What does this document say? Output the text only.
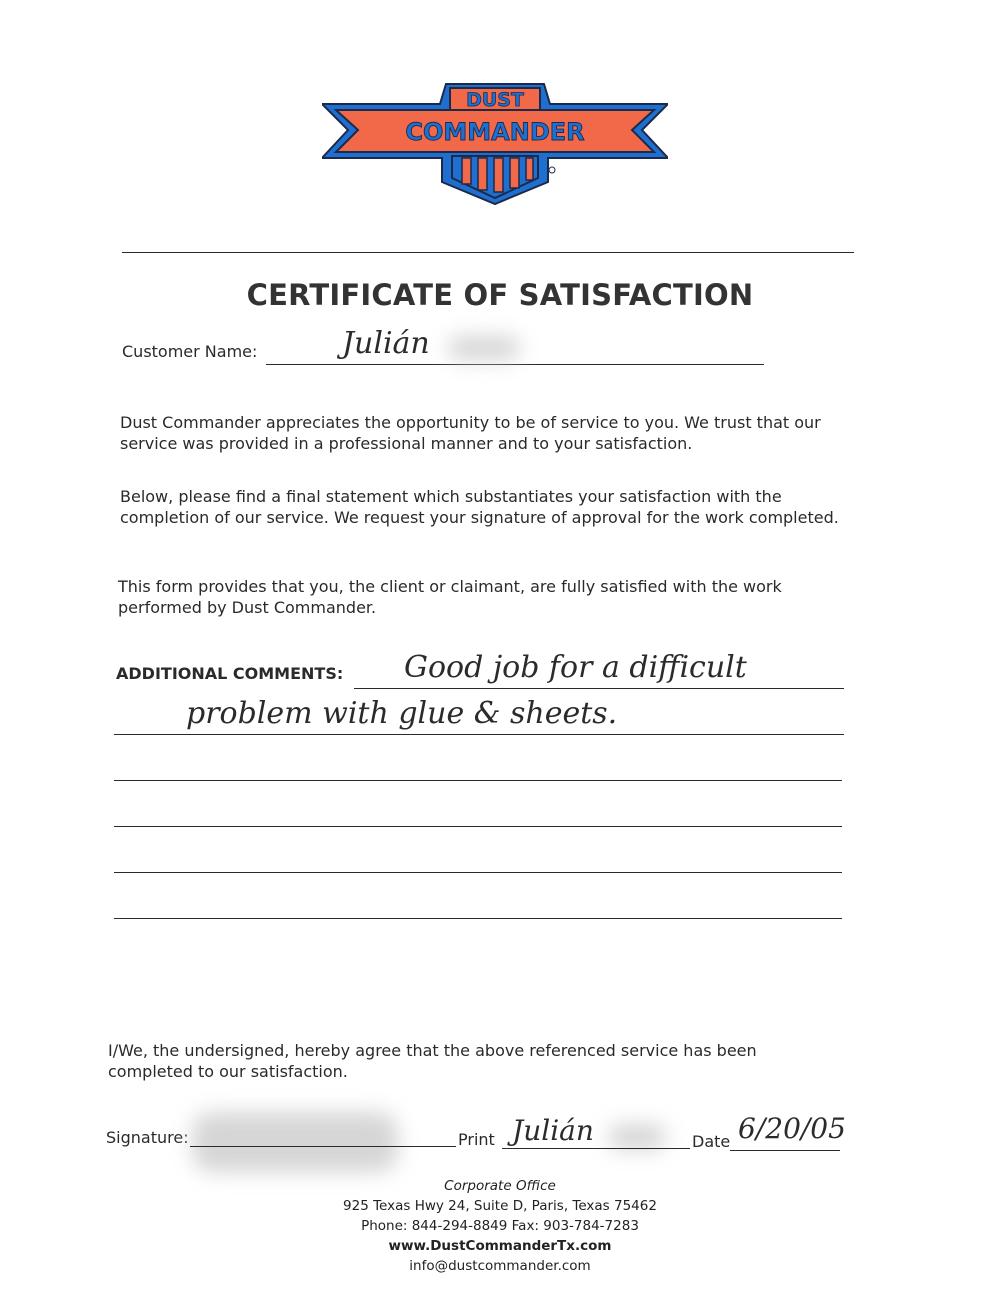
DUST
COMMANDER
CERTIFICATE OF SATISFACTION
Customer Name:	Julián
Dust Commander appreciates the opportunity to be of service to you. We trust that our service was provided in a professional manner and to your satisfaction.
Below, please find a final statement which substantiates your satisfaction with the completion of our service. We request your signature of approval for the work completed.
This form provides that you, the client or claimant, are fully satisfied with the work performed by Dust Commander.
ADDITIONAL COMMENTS: Good job for a difficult
problem with glue & sheets.
I/We, the undersigned, hereby agree that the above referenced service has been completed to our satisfaction.
Signature:	Print Julián	Date 6/20/05
Corporate Office
925 Texas Hwy 24, Suite D, Paris, Texas 75462
Phone: 844-294-8849 Fax: 903-784-7283
www.DustCommanderTx.com
info@dustcommander.com
